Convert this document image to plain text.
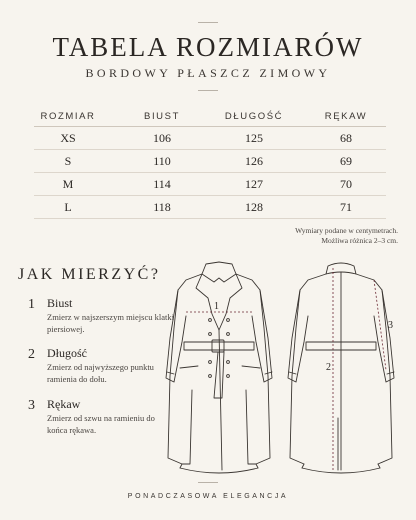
TABELA ROZMIARÓW
BORDOWY PŁASZCZ ZIMOWY
ROZMIAR	BIUST	DŁUGOŚĆ	RĘKAW
XS	106	125	68
S	110	126	69
M	114	127	70
L	118	128	71
Wymiary podane w centymetrach.
Możliwa różnica 2–3 cm.
JAK MIERZYĆ?
1 Biust
Zmierz w najszerszym miejscu klatki piersiowej.
2 Długość
Zmierz od najwyższego punktu ramienia do dołu.
3 Rękaw
Zmierz od szwu na ramieniu do końca rękawa.
1
2
3
PONADCZASOWA ELEGANCJA
